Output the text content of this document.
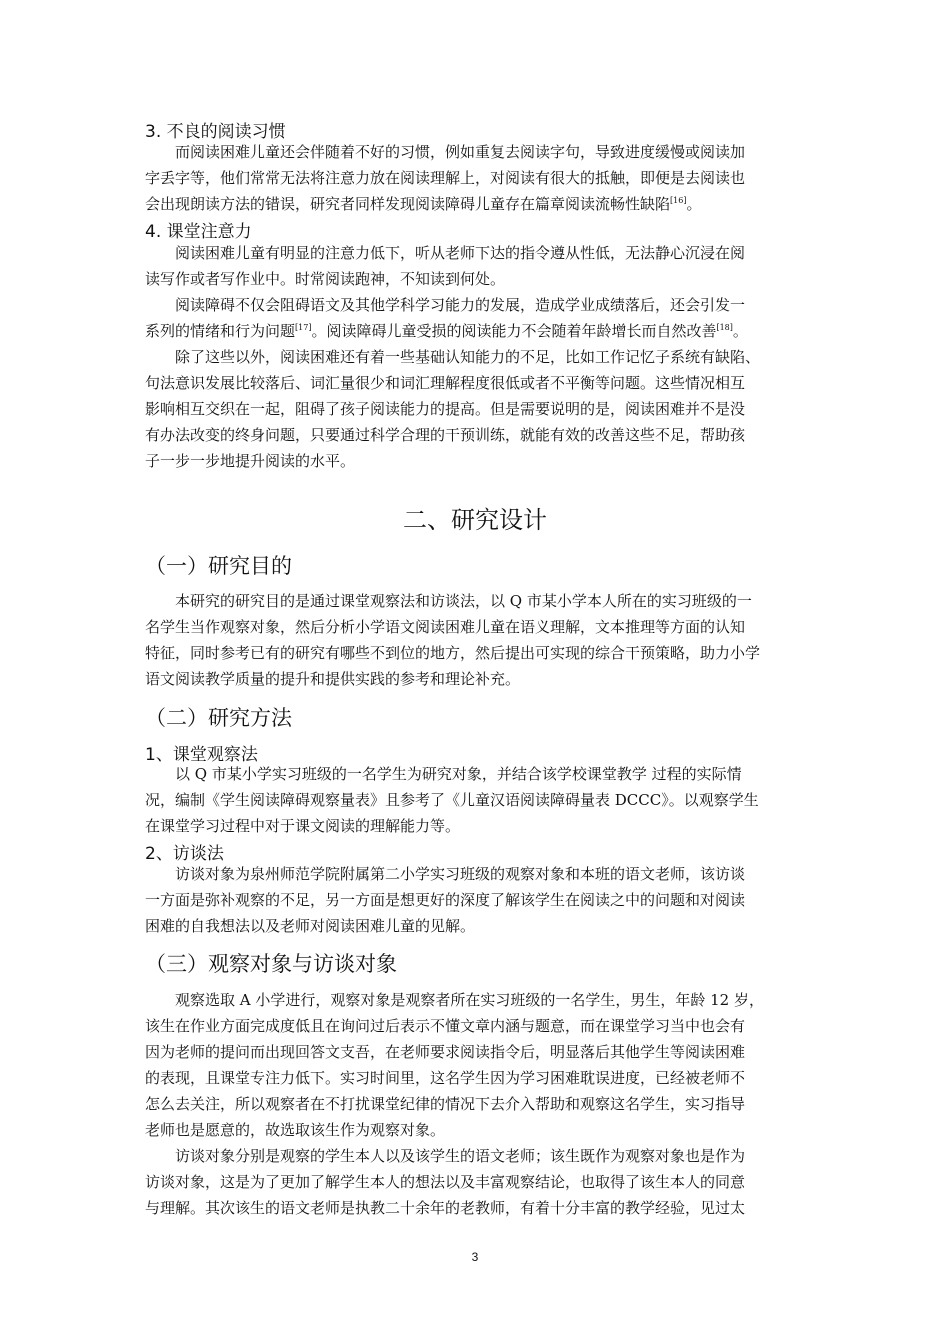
3. 不良的阅读习惯
而阅读困难儿童还会伴随着不好的习惯，例如重复去阅读字句，导致进度缓慢或阅读加
字丢字等，他们常常无法将注意力放在阅读理解上，对阅读有很大的抵触，即便是去阅读也
会出现朗读方法的错误，研究者同样发现阅读障碍儿童存在篇章阅读流畅性缺陷[16]。
4. 课堂注意力
阅读困难儿童有明显的注意力低下，听从老师下达的指令遵从性低，无法静心沉浸在阅
读写作或者写作业中。时常阅读跑神，不知读到何处。
阅读障碍不仅会阻碍语文及其他学科学习能力的发展，造成学业成绩落后，还会引发一
系列的情绪和行为问题[17]。阅读障碍儿童受损的阅读能力不会随着年龄增长而自然改善[18]。
除了这些以外，阅读困难还有着一些基础认知能力的不足，比如工作记忆子系统有缺陷、
句法意识发展比较落后、词汇量很少和词汇理解程度很低或者不平衡等问题。这些情况相互
影响相互交织在一起，阻碍了孩子阅读能力的提高。但是需要说明的是，阅读困难并不是没
有办法改变的终身问题，只要通过科学合理的干预训练，就能有效的改善这些不足，帮助孩
子一步一步地提升阅读的水平。
二、研究设计
（一）研究目的
本研究的研究目的是通过课堂观察法和访谈法，以 Q 市某小学本人所在的实习班级的一
名学生当作观察对象，然后分析小学语文阅读困难儿童在语义理解，文本推理等方面的认知
特征，同时参考已有的研究有哪些不到位的地方，然后提出可实现的综合干预策略，助力小学
语文阅读教学质量的提升和提供实践的参考和理论补充。
（二）研究方法
1、课堂观察法
以 Q 市某小学实习班级的一名学生为研究对象，并结合该学校课堂教学 过程的实际情
况，编制《学生阅读障碍观察量表》且参考了《儿童汉语阅读障碍量表 DCCC》。以观察学生
在课堂学习过程中对于课文阅读的理解能力等。
2、访谈法
访谈对象为泉州师范学院附属第二小学实习班级的观察对象和本班的语文老师，该访谈
一方面是弥补观察的不足，另一方面是想更好的深度了解该学生在阅读之中的问题和对阅读
困难的自我想法以及老师对阅读困难儿童的见解。
（三）观察对象与访谈对象
观察选取 A 小学进行，观察对象是观察者所在实习班级的一名学生，男生，年龄 12 岁，
该生在作业方面完成度低且在询问过后表示不懂文章内涵与题意，而在课堂学习当中也会有
因为老师的提问而出现回答文支吾，在老师要求阅读指令后，明显落后其他学生等阅读困难
的表现，且课堂专注力低下。实习时间里，这名学生因为学习困难耽误进度，已经被老师不
怎么去关注，所以观察者在不打扰课堂纪律的情况下去介入帮助和观察这名学生，实习指导
老师也是愿意的，故选取该生作为观察对象。
访谈对象分别是观察的学生本人以及该学生的语文老师；该生既作为观察对象也是作为
访谈对象，这是为了更加了解学生本人的想法以及丰富观察结论，也取得了该生本人的同意
与理解。其次该生的语文老师是执教二十余年的老教师，有着十分丰富的教学经验，见过太
3
